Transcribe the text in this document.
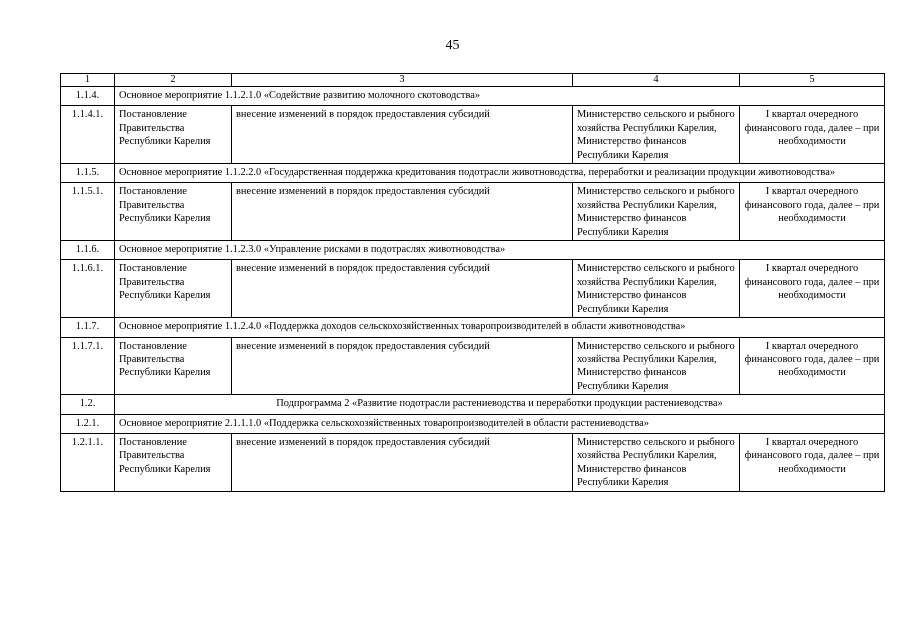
45
1	2	3	4	5
1.1.4.	Основное мероприятие 1.1.2.1.0 «Содействие развитию молочного скотоводства»			
1.1.4.1.	Постановление Правительства Республики Карелия	внесение изменений в порядок предоставления субсидий	Министерство сельского и рыбного хозяйства Республики Карелия, Министерство финансов Республики Карелия	I квартал очередного финансового года, далее – при необходимости
1.1.5.	Основное мероприятие 1.1.2.2.0 «Государственная поддержка кредитования подотрасли животноводства, переработки и реализации продукции животноводства»			
1.1.5.1.	Постановление Правительства Республики Карелия	внесение изменений в порядок предоставления субсидий	Министерство сельского и рыбного хозяйства Республики Карелия, Министерство финансов Республики Карелия	I квартал очередного финансового года, далее – при необходимости
1.1.6.	Основное мероприятие 1.1.2.3.0 «Управление рисками в подотраслях животноводства»			
1.1.6.1.	Постановление Правительства Республики Карелия	внесение изменений в порядок предоставления субсидий	Министерство сельского и рыбного хозяйства Республики Карелия, Министерство финансов Республики Карелия	I квартал очередного финансового года, далее – при необходимости
1.1.7.	Основное мероприятие 1.1.2.4.0 «Поддержка доходов сельскохозяйственных товаропроизводителей в области животноводства»			
1.1.7.1.	Постановление Правительства Республики Карелия	внесение изменений в порядок предоставления субсидий	Министерство сельского и рыбного хозяйства Республики Карелия, Министерство финансов Республики Карелия	I квартал очередного финансового года, далее – при необходимости
1.2.	Подпрограмма 2 «Развитие подотрасли растениеводства и переработки продукции растениеводства»			
1.2.1.	Основное мероприятие 2.1.1.1.0 «Поддержка сельскохозяйственных товаропроизводителей в области растениеводства»			
1.2.1.1.	Постановление Правительства Республики Карелия	внесение изменений в порядок предоставления субсидий	Министерство сельского и рыбного хозяйства Республики Карелия, Министерство финансов Республики Карелия	I квартал очередного финансового года, далее – при необходимости
